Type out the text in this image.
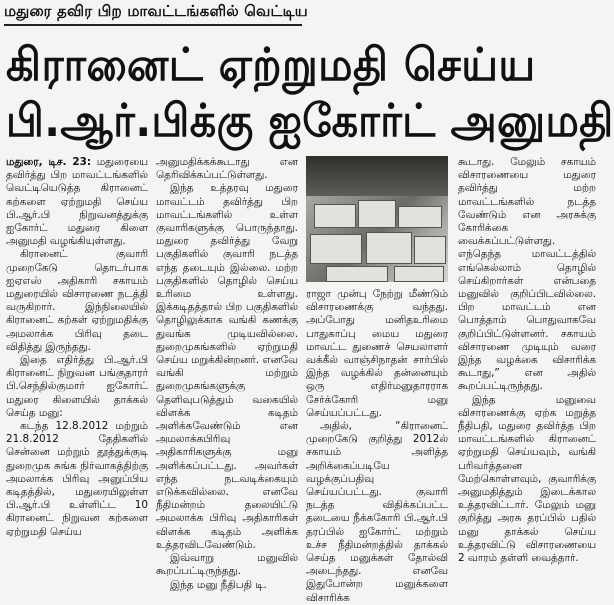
மதுரை தவிர பிற மாவட்டங்களில் வெட்டிய
கிரானைட் ஏற்றுமதி செய்ய
பி.ஆர்.பிக்கு ஐகோர்ட் அனுமதி

மதுரை, டிச. 23: மதுரையை தவிர்த்து பிற மாவட்டங்களில் வெட்டியெடுத்த கிரானைட் கற்களை ஏற்றுமதி செய்ய பி.ஆர்.பி நிறுவனத்துக்கு ஐகோர்ட் மதுரை கிளை அனுமதி வழங்கியுள்ளது.

கிரானைட் குவாரி முறைகேடு தொடர்பாக ஐஏஎஸ் அதிகாரி சகாயம் மதுரையில் விசாரணை நடத்தி வருகிறார். இந்நிலையில் கிரானைட் கற்கள் ஏற்றுமதிக்கு அமலாக்க பிரிவு தடை விதித்து இருந்தது.

இதை எதிர்த்து பி.ஆர்.பி கிரானைட் நிறுவன பங்குதாரர் பி.செந்தில்குமார் ஐகோர்ட் மதுரை கிளையில் தாக்கல் செய்த மனு:

கடந்த 12.8.2012 மற்றும் 21.8.2012 தேதிகளில் சென்னை மற்றும் தூத்துக்குடி துறைமுக சுங்க நிர்வாகத்திற்கு அமலாக்க பிரிவு அனுப்பிய கடிதத்தில், மதுரையிலுள்ள பி.ஆர்.பி உள்ளிட்ட 10 கிரானைட் நிறுவன கற்களை ஏற்றுமதி செய்ய

அனுமதிக்கக்கூடாது என தெரிவிக்கப்பட்டுள்ளது.

இந்த உத்தரவு மதுரை மாவட்டம் தவிர்த்து பிற மாவட்டங்களில் உள்ள குவாரிகளுக்கு பொருந்தாது. மதுரை தவிர்த்து வேறு பகுதிகளில் குவாரி நடத்த எந்த தடையும் இல்லை. மற்ற பகுதிகளில் தொழில் செய்ய உரிமை உள்ளது. இக்கடிதத்தால் பிற பகுதிகளில் தொழிலுக்காக வங்கி கணக்கு துவங்க முடியவில்லை. துறைமுகங்களில் ஏற்றுமதி செய்ய மறுக்கின்றனர். எனவே வங்கி மற்றும் துறைமுகங்களுக்கு தெளிவுபடுத்தும் வகையில் விளக்க கடிதம் அளிக்கவேண்டும் என அமலாக்கபிரிவு அதிகாரிகளுக்கு மனு அளிக்கப்பட்டது. அவர்கள் எந்த நடவடிக்கையும் எடுக்கவில்லை. எனவே நீதிமன்றம் தலையிட்டு அமலாக்க பிரிவு அதிகாரிகள் விளக்க கடிதம் அளிக்க உத்தரவிடவேண்டும்.

இவ்வாறு மனுவில் கூறப்பட்டிருந்தது.

இந்த மனு நீதிபதி டி.

ராஜா முன்பு நேற்று மீண்டும் விசாரணைக்கு வந்தது. அப்போது மனிதஉரிமை பாதுகாப்பு மைய மதுரை மாவட்ட துணைச் செயலாளர் வக்கீல் வாஞ்சிநாதன் சார்பில் இந்த வழக்கில் தன்னையும் ஒரு எதிர்மனுதாரராக சேர்க்கோரி மனு செய்யப்பட்டது.

அதில், “கிரானைட் முறைகேடு குறித்து 2012ல் சகாயம் அளித்த அறிக்கைப்படியே வழக்குப்பதிவு செய்யப்பட்டது. குவாரி நடத்த விதிக்கப்பட்ட தடையை நீக்ககோரி பி.ஆர்.பி தரப்பில் ஐகோர்ட் மற்றும் உச்ச நீதிமன்றத்தில் தாக்கல் செய்த மனுக்கள் தோல்வி அடைந்தது. எனவே இதுபோன்ற மனுக்களை விசாரிக்க

கூடாது. மேலும் சகாயம் விசாரணையை மதுரை தவிர்த்து மற்ற மாவட்டங்களில் நடத்த வேண்டும் என அரசுக்கு கோரிக்கை வைக்கப்பட்டுள்ளது. எந்தெந்த மாவட்டத்தில் எங்கெல்லாம் தொழில் செய்கிறார்கள் என்பதை மனுவில் குறிப்பிடவில்லை. பிற மாவட்டம் என பொத்தாம் பொதுவாகவே குறிப்பிட்டுள்ளனர். சகாயம் விசாரணை முடியும் வரை இந்த வழக்கை விசாரிக்க கூடாது,” என அதில் கூறப்பட்டிருந்தது.

இந்த மனுவை விசாரணைக்கு ஏற்க மறுத்த நீதிபதி, மதுரை தவிர்த்த பிற மாவட்டங்களில் கிரானைட் ஏற்றுமதி செய்யவும், வங்கி பரிவர்த்தனை மேற்கொள்ளவும், குவாரிக்கு அனுமதித்தும் இடைக்கால உத்தரவிட்டார். மேலும் மனு குறித்து அரசு தரப்பில் பதில் மனு தாக்கல் செய்ய உத்தரவிட்டு விசாரணையை 2 வாரம் தள்ளி வைத்தார்.
